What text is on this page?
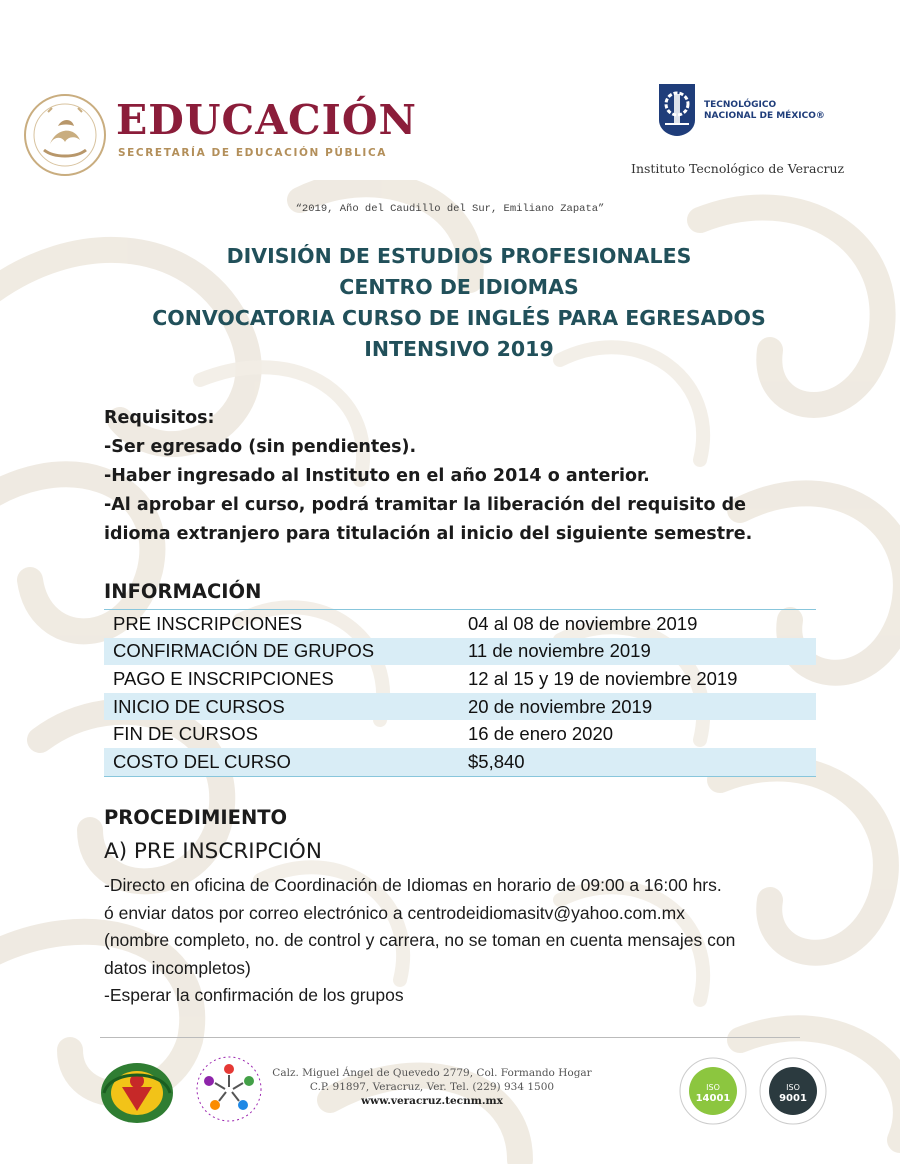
EDUCACIÓN
SECRETARÍA DE EDUCACIÓN PÚBLICA
TECNOLÓGICO
NACIONAL DE MÉXICO®
Instituto Tecnológico de Veracruz
“2019, Año del Caudillo del Sur, Emiliano Zapata”
DIVISIÓN DE ESTUDIOS PROFESIONALES
CENTRO DE IDIOMAS
CONVOCATORIA CURSO DE INGLÉS PARA EGRESADOS
INTENSIVO 2019
Requisitos:
-Ser egresado (sin pendientes).
-Haber ingresado al Instituto en el año 2014 o anterior.
-Al aprobar el curso, podrá tramitar la liberación del requisito de
idioma extranjero para titulación al inicio del siguiente semestre.
INFORMACIÓN
PRE INSCRIPCIONES	04 al 08 de noviembre 2019
CONFIRMACIÓN DE GRUPOS	11 de noviembre 2019
PAGO E INSCRIPCIONES	12 al 15 y 19 de noviembre 2019
INICIO DE CURSOS	20 de noviembre 2019
FIN DE CURSOS	16 de enero 2020
COSTO DEL CURSO	$5,840
PROCEDIMIENTO
A) PRE INSCRIPCIÓN
-Directo en oficina de Coordinación de Idiomas en horario de 09:00 a 16:00 hrs.
ó enviar datos por correo electrónico a centrodeidiomasitv@yahoo.com.mx
(nombre completo, no. de control y carrera, no se toman en cuenta mensajes con
datos incompletos)
-Esperar la confirmación de los grupos
Calz. Miguel Ángel de Quevedo 2779, Col. Formando Hogar
C.P. 91897, Veracruz, Ver. Tel. (229) 934 1500
www.veracruz.tecnm.mx
ISO
14001
ISO
9001
